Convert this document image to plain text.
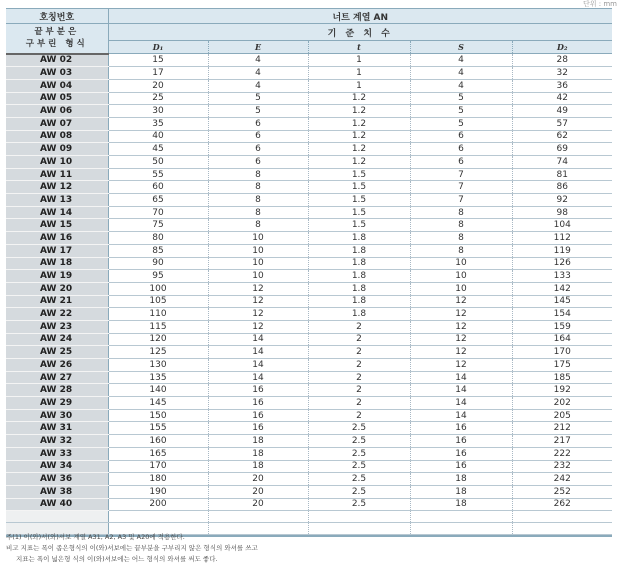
단위 : mm
호칭번호	너트 계열 AN				
끝부분은
구부린 형식	기 준 치 수				
	D₁	E	t	S	D₂
AW 02	15	4	1	4	28
AW 03	17	4	1	4	32
AW 04	20	4	1	4	36
AW 05	25	5	1.2	5	42
AW 06	30	5	1.2	5	49
AW 07	35	6	1.2	5	57
AW 08	40	6	1.2	6	62
AW 09	45	6	1.2	6	69
AW 10	50	6	1.2	6	74
AW 11	55	8	1.5	7	81
AW 12	60	8	1.5	7	86
AW 13	65	8	1.5	7	92
AW 14	70	8	1.5	8	98
AW 15	75	8	1.5	8	104
AW 16	80	10	1.8	8	112
AW 17	85	10	1.8	8	119
AW 18	90	10	1.8	10	126
AW 19	95	10	1.8	10	133
AW 20	100	12	1.8	10	142
AW 21	105	12	1.8	12	145
AW 22	110	12	1.8	12	154
AW 23	115	12	2	12	159
AW 24	120	14	2	12	164
AW 25	125	14	2	12	170
AW 26	130	14	2	12	175
AW 27	135	14	2	14	185
AW 28	140	16	2	14	192
AW 29	145	16	2	14	202
AW 30	150	16	2	14	205
AW 31	155	16	2.5	16	212
AW 32	160	18	2.5	16	217
AW 33	165	18	2.5	16	222
AW 34	170	18	2.5	16	232
AW 36	180	20	2.5	18	242
AW 38	190	20	2.5	18	252
AW 40	200	20	2.5	18	262

주(1) 이(와)셔(와)셔보 계열 A31, A2, A3 및 A20에 적용한다.
비고 지표는 폭이 좁은형식의 이(와)셔보에는 끝부분을 구부리지 않은 형식의 와셔를 쓰고
지표는 폭이 넓은형 식의 이(와)셔보에는 어느 형식의 와셔를 써도 좋다.
